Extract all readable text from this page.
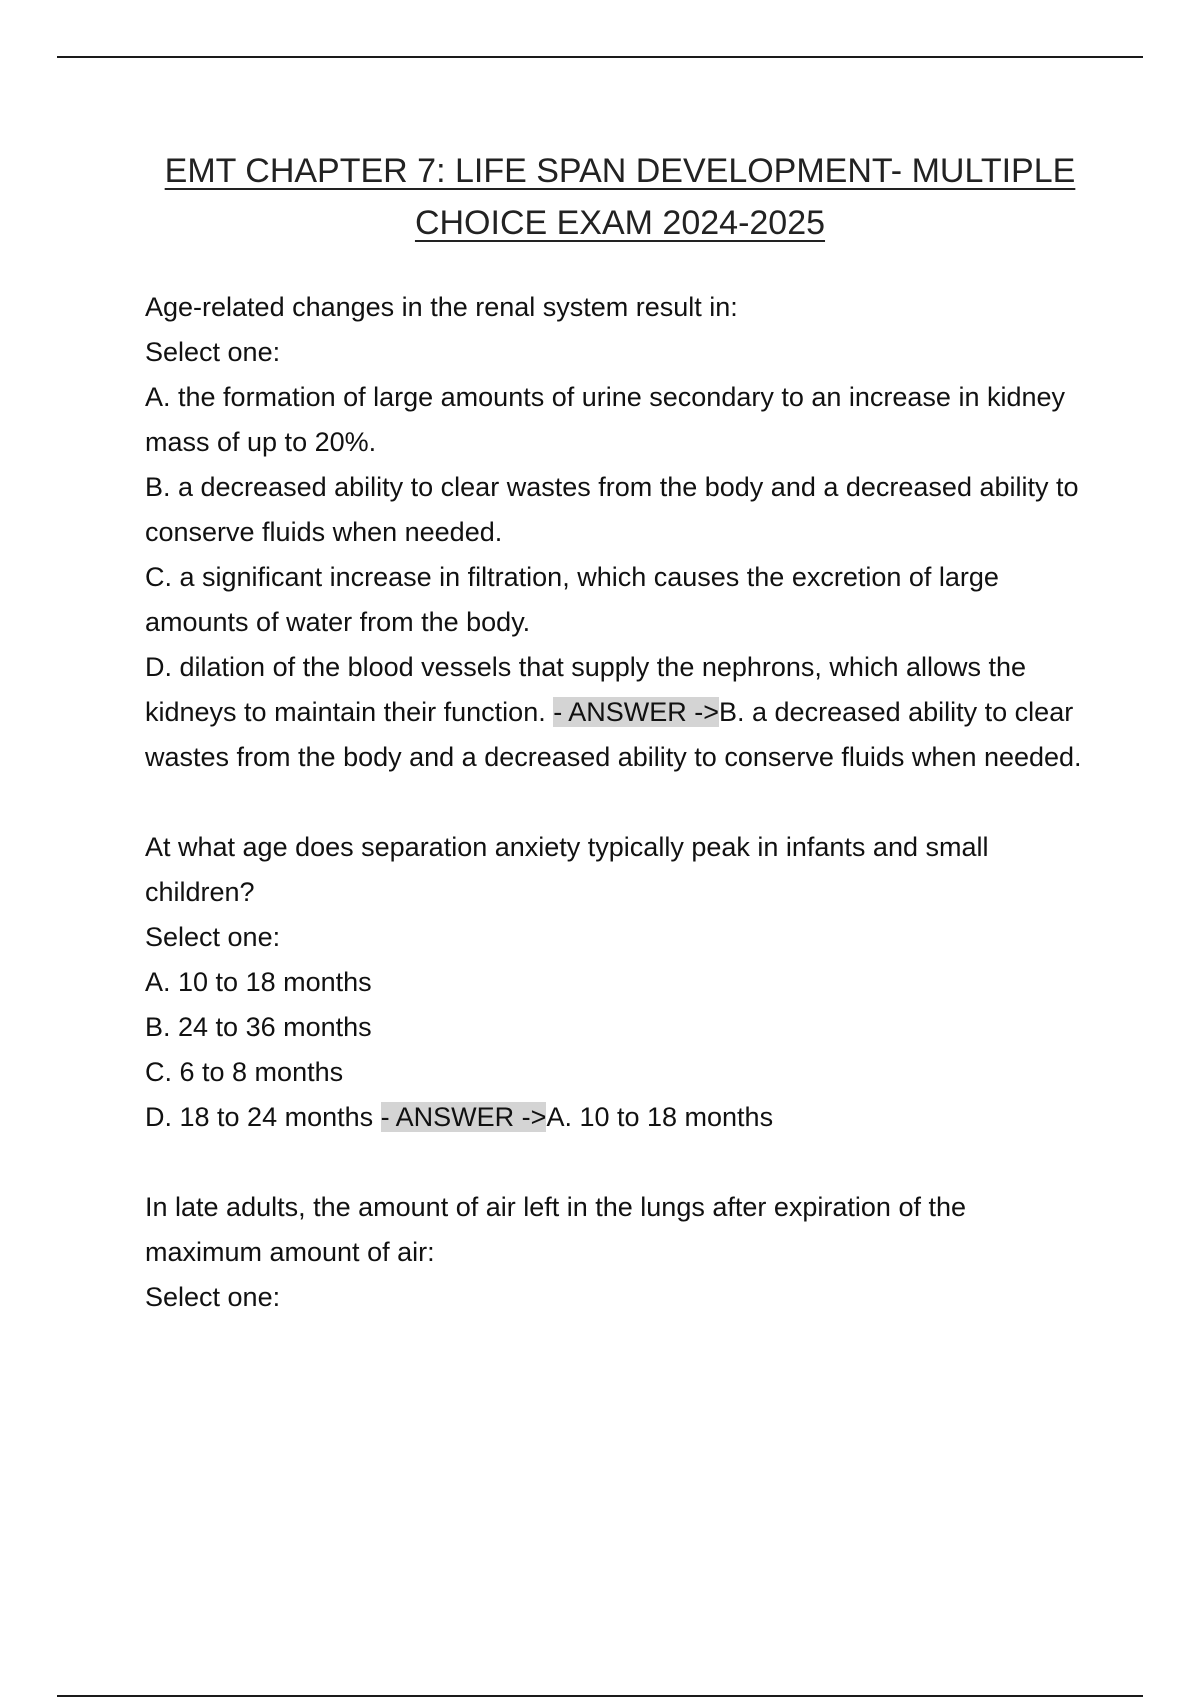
EMT CHAPTER 7: LIFE SPAN DEVELOPMENT- MULTIPLE
CHOICE EXAM 2024-2025

Age-related changes in the renal system result in:

Select one:

A. the formation of large amounts of urine secondary to an increase in kidney mass of up to 20%.

B. a decreased ability to clear wastes from the body and a decreased ability to conserve fluids when needed.

C. a significant increase in filtration, which causes the excretion of large amounts of water from the body.

D. dilation of the blood vessels that supply the nephrons, which allows the kidneys to maintain their function. - ANSWER ->B. a decreased ability to clear wastes from the body and a decreased ability to conserve fluids when needed.

At what age does separation anxiety typically peak in infants and small children?

Select one:

A. 10 to 18 months

B. 24 to 36 months

C. 6 to 8 months

D. 18 to 24 months - ANSWER ->A. 10 to 18 months

In late adults, the amount of air left in the lungs after expiration of the maximum amount of air:

Select one:
